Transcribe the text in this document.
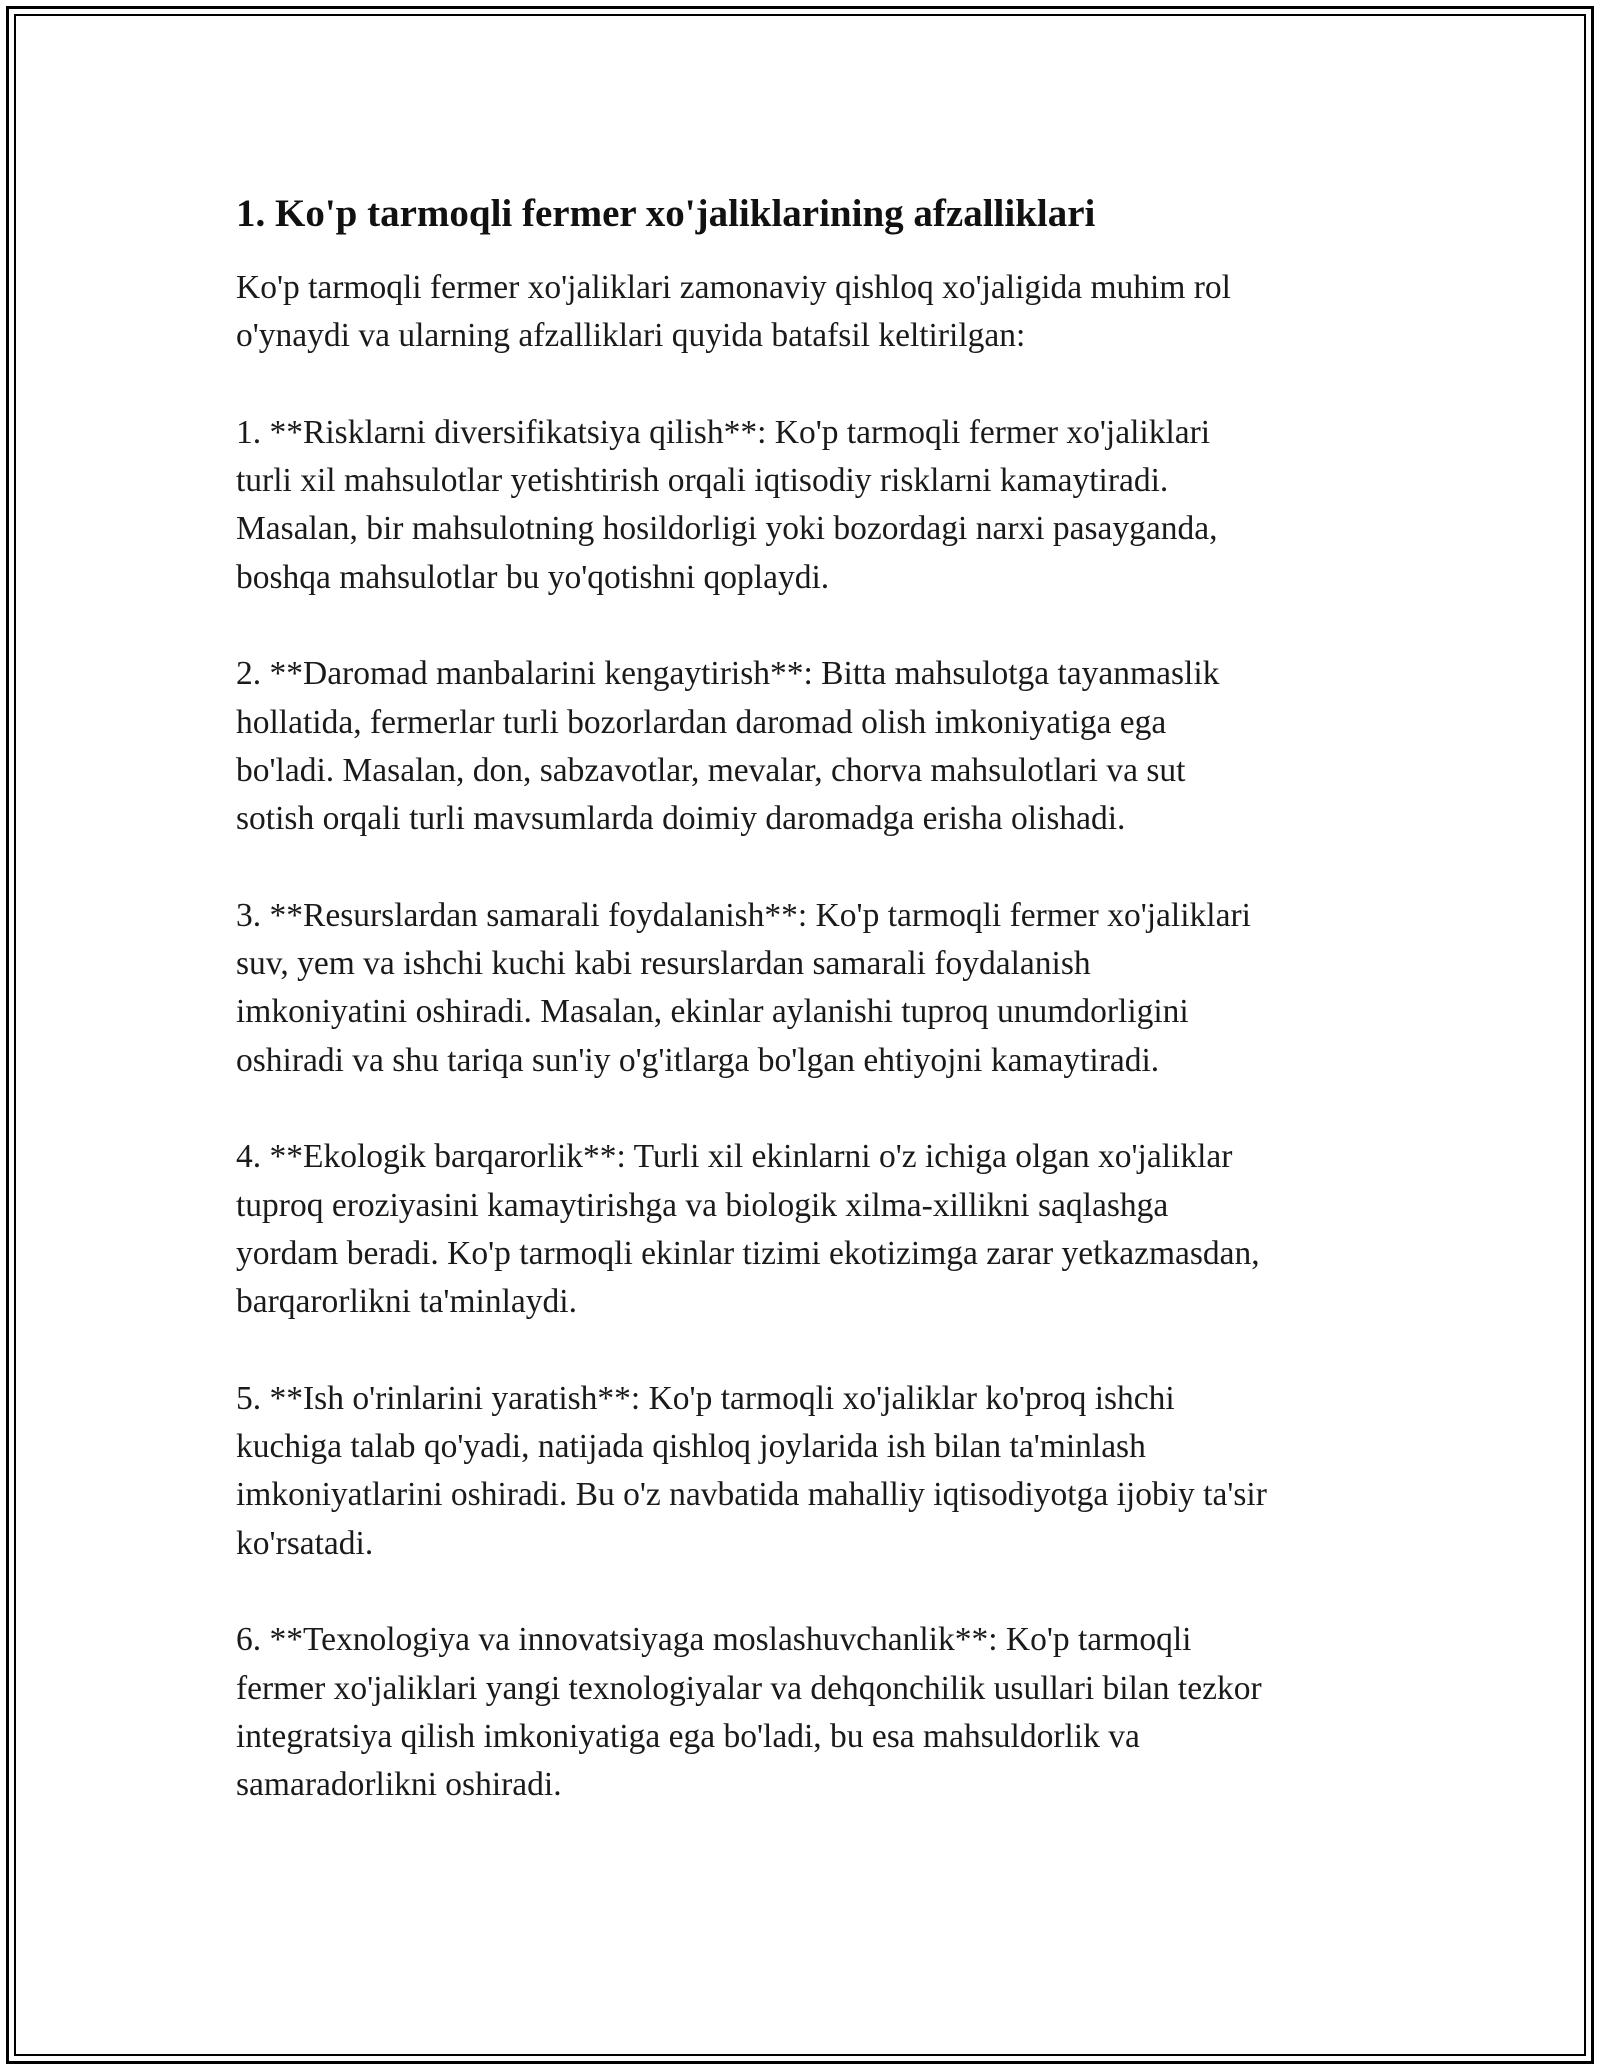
1. Ko'p tarmoqli fermer xo'jaliklarining afzalliklari

Ko'p tarmoqli fermer xo'jaliklari zamonaviy qishloq xo'jaligida muhim rol
o'ynaydi va ularning afzalliklari quyida batafsil keltirilgan:

1. **Risklarni diversifikatsiya qilish**: Ko'p tarmoqli fermer xo'jaliklari
turli xil mahsulotlar yetishtirish orqali iqtisodiy risklarni kamaytiradi.
Masalan, bir mahsulotning hosildorligi yoki bozordagi narxi pasayganda,
boshqa mahsulotlar bu yo'qotishni qoplaydi.

2. **Daromad manbalarini kengaytirish**: Bitta mahsulotga tayanmaslik
hollatida, fermerlar turli bozorlardan daromad olish imkoniyatiga ega
bo'ladi. Masalan, don, sabzavotlar, mevalar, chorva mahsulotlari va sut
sotish orqali turli mavsumlarda doimiy daromadga erisha olishadi.

3. **Resurslardan samarali foydalanish**: Ko'p tarmoqli fermer xo'jaliklari
suv, yem va ishchi kuchi kabi resurslardan samarali foydalanish
imkoniyatini oshiradi. Masalan, ekinlar aylanishi tuproq unumdorligini
oshiradi va shu tariqa sun'iy o'g'itlarga bo'lgan ehtiyojni kamaytiradi.

4. **Ekologik barqarorlik**: Turli xil ekinlarni o'z ichiga olgan xo'jaliklar
tuproq eroziyasini kamaytirishga va biologik xilma-xillikni saqlashga
yordam beradi. Ko'p tarmoqli ekinlar tizimi ekotizimga zarar yetkazmasdan,
barqarorlikni ta'minlaydi.

5. **Ish o'rinlarini yaratish**: Ko'p tarmoqli xo'jaliklar ko'proq ishchi
kuchiga talab qo'yadi, natijada qishloq joylarida ish bilan ta'minlash
imkoniyatlarini oshiradi. Bu o'z navbatida mahalliy iqtisodiyotga ijobiy ta'sir
ko'rsatadi.

6. **Texnologiya va innovatsiyaga moslashuvchanlik**: Ko'p tarmoqli
fermer xo'jaliklari yangi texnologiyalar va dehqonchilik usullari bilan tezkor
integratsiya qilish imkoniyatiga ega bo'ladi, bu esa mahsuldorlik va
samaradorlikni oshiradi.
